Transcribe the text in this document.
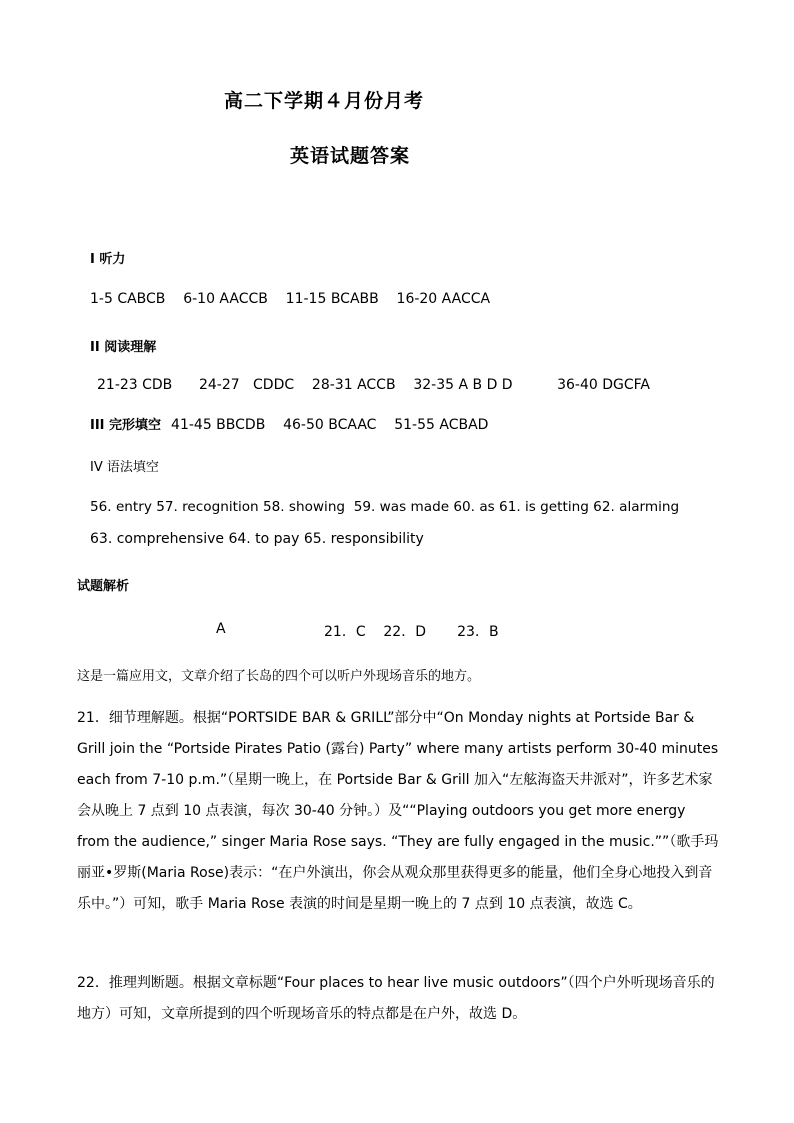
高二下学期４月份月考
英语试题答案
I 听力
1-5 CABCB    6-10 AACCB    11-15 BCABB    16-20 AACCA
II 阅读理解
21-23 CDB      24-27   CDDC    28-31 ACCB    32-35 A B D D          36-40 DGCFA
III 完形填空 41-45 BBCDB    46-50 BCAAC    51-55 ACBAD
IV 语法填空
56. entry 57. recognition 58. showing  59. was made 60. as 61. is getting 62. alarming
63. comprehensive 64. to pay 65. responsibility
试题解析
A	21．C    22．D       23．B
这是一篇应用文，文章介绍了长岛的四个可以听户外现场音乐的地方。
21．细节理解题。根据“PORTSIDE BAR & GRILL”部分中“On Monday nights at Portside Bar & Grill join the “Portside Pirates Patio (露台) Party” where many artists perform 30-40 minutes each from 7-10 p.m.”（星期一晚上，在 Portside Bar & Grill 加入“左舷海盗天井派对”，许多艺术家会从晚上 7 点到 10 点表演，每次 30-40 分钟。）及““Playing outdoors you get more energy from the audience,” singer Maria Rose says. “They are fully engaged in the music.””（歌手玛丽亚•罗斯(Maria Rose)表示：“在户外演出，你会从观众那里获得更多的能量，他们全身心地投入到音乐中。”）可知，歌手 Maria Rose 表演的时间是星期一晚上的 7 点到 10 点表演，故选 C。
22．推理判断题。根据文章标题“Four places to hear live music outdoors”（四个户外听现场音乐的地方）可知，文章所提到的四个听现场音乐的特点都是在户外，故选 D。
